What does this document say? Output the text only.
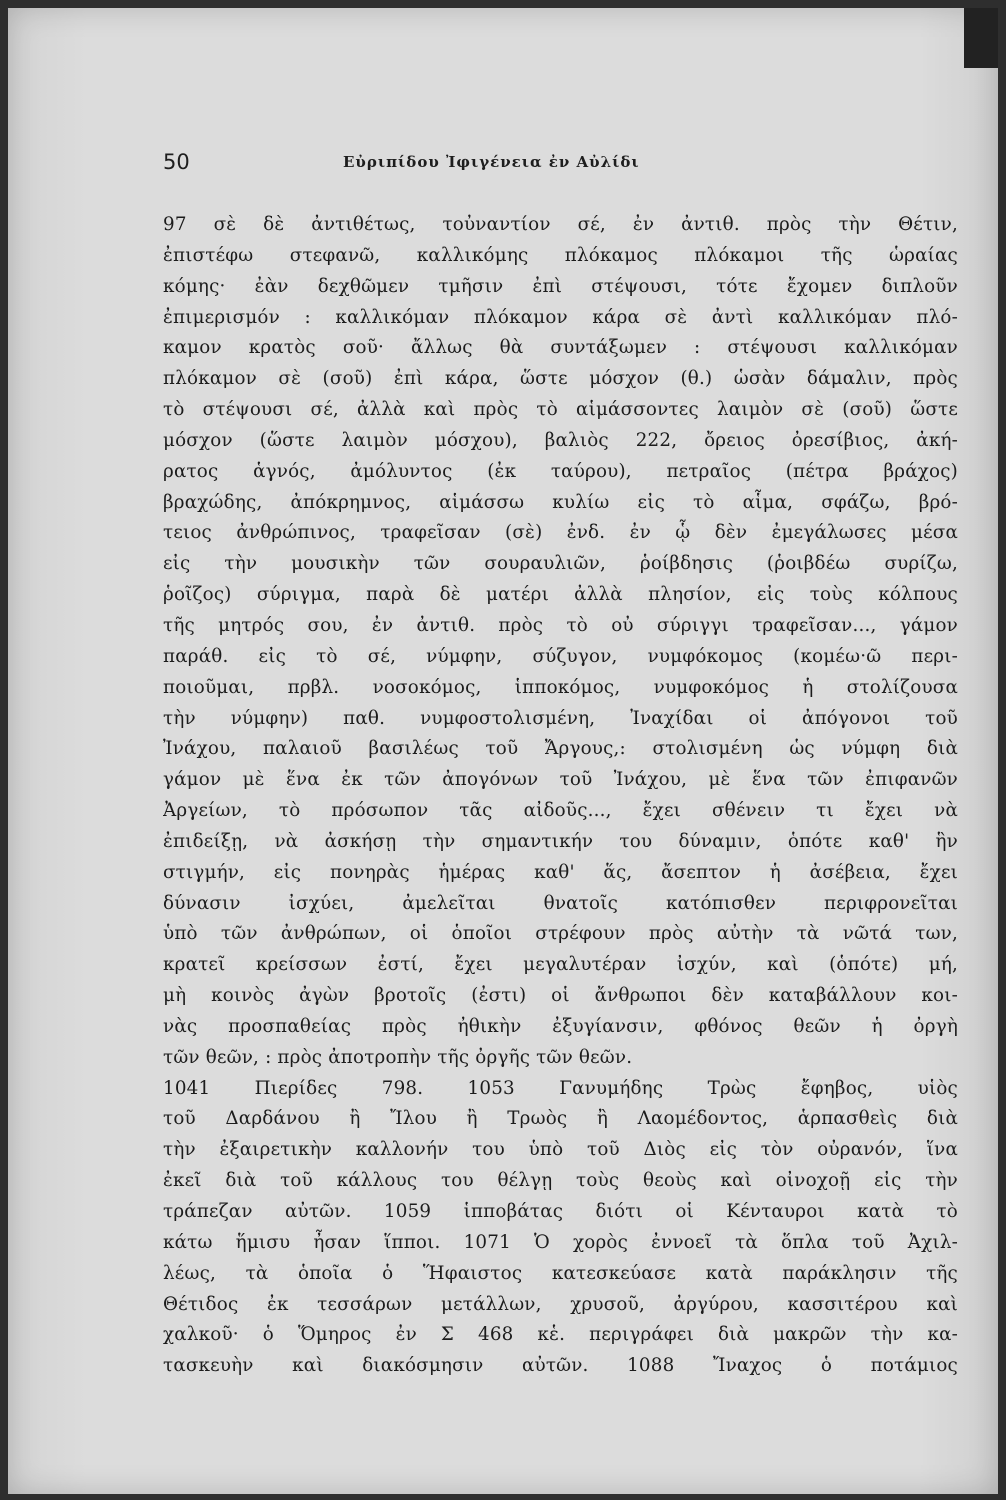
50	Εὐριπίδου Ἰφιγένεια ἐν Αὐλίδι
97 σὲ δὲ ἀντιθέτως, τοὐναντίον σέ, ἐν ἀντιθ. πρὸς τὴν Θέτιν,
ἐπιστέφω στεφανῶ, καλλικόμης πλόκαμος πλόκαμοι τῆς ὡραίας
κόμης· ἐὰν δεχθῶμεν τμῆσιν ἐπὶ στέψουσι, τότε ἔχομεν διπλοῦν
ἐπιμερισμόν : καλλικόμαν πλόκαμον κάρα σὲ ἀντὶ καλλικόμαν πλό-
καμον κρατὸς σοῦ· ἄλλως θὰ συντάξωμεν : στέψουσι καλλικόμαν
πλόκαμον σὲ (σοῦ) ἐπὶ κάρα, ὥστε μόσχον (θ.) ὡσὰν δάμαλιν, πρὸς
τὸ στέψουσι σέ, ἀλλὰ καὶ πρὸς τὸ αἱμάσσοντες λαιμὸν σὲ (σοῦ) ὥστε
μόσχον (ὥστε λαιμὸν μόσχου), βαλιὸς 222, ὄρειος ὀρεσίβιος, ἀκή-
ρατος ἁγνός, ἀμόλυντος (ἐκ ταύρου), πετραῖος (πέτρα βράχος)
βραχώδης, ἀπόκρημνος, αἱμάσσω κυλίω εἰς τὸ αἷμα, σφάζω, βρό-
τειος ἀνθρώπινος, τραφεῖσαν (σὲ) ἐνδ. ἐν ᾧ δὲν ἐμεγάλωσες μέσα
εἰς τὴν μουσικὴν τῶν σουραυλιῶν, ῥοίβδησις (ῥοιβδέω συρίζω,
ῥοῖζος) σύριγμα, παρὰ δὲ ματέρι ἀλλὰ πλησίον, εἰς τοὺς κόλπους
τῆς μητρός σου, ἐν ἀντιθ. πρὸς τὸ οὐ σύριγγι τραφεῖσαν..., γάμον
παράθ. εἰς τὸ σέ, νύμφην, σύζυγον, νυμφόκομος (κομέω·ῶ περι-
ποιοῦμαι, πρβλ. νοσοκόμος, ἱπποκόμος, νυμφοκόμος ἡ στολίζουσα
τὴν νύμφην) παθ. νυμφοστολισμένη, Ἰναχίδαι οἱ ἀπόγονοι τοῦ
Ἰνάχου, παλαιοῦ βασιλέως τοῦ Ἄργους,: στολισμένη ὡς νύμφη διὰ
γάμον μὲ ἕνα ἐκ τῶν ἀπογόνων τοῦ Ἰνάχου, μὲ ἕνα τῶν ἐπιφανῶν
Ἀργείων, τὸ πρόσωπον τᾶς αἰδοῦς..., ἔχει σθένειν τι ἔχει νὰ
ἐπιδείξῃ, νὰ ἀσκήσῃ τὴν σημαντικήν του δύναμιν, ὁπότε καθ' ἣν
στιγμήν, εἰς πονηρὰς ἡμέρας καθ' ἅς, ἄσεπτον ἡ ἀσέβεια, ἔχει
δύνασιν ἰσχύει, ἀμελεῖται θνατοῖς κατόπισθεν περιφρονεῖται
ὑπὸ τῶν ἀνθρώπων, οἱ ὁποῖοι στρέφουν πρὸς αὐτὴν τὰ νῶτά των,
κρατεῖ κρείσσων ἐστί, ἔχει μεγαλυτέραν ἰσχύν, καὶ (ὁπότε) μή,
μὴ κοινὸς ἀγὼν βροτοῖς (ἐστι) οἱ ἄνθρωποι δὲν καταβάλλουν κοι-
νὰς προσπαθείας πρὸς ἠθικὴν ἐξυγίανσιν, φθόνος θεῶν ἡ ὀργὴ
τῶν θεῶν, : πρὸς ἀποτροπὴν τῆς ὀργῆς τῶν θεῶν.
1041 Πιερίδες 798. 1053 Γανυμήδης Τρὼς ἔφηβος, υἱὸς
τοῦ Δαρδάνου ἢ Ἴλου ἢ Τρωὸς ἢ Λαομέδοντος, ἁρπασθεὶς διὰ
τὴν ἐξαιρετικὴν καλλονήν του ὑπὸ τοῦ Διὸς εἰς τὸν οὐρανόν, ἵνα
ἐκεῖ διὰ τοῦ κάλλους του θέλγῃ τοὺς θεοὺς καὶ οἰνοχοῇ εἰς τὴν
τράπεζαν αὐτῶν. 1059 ἱπποβάτας διότι οἱ Κένταυροι κατὰ τὸ
κάτω ἥμισυ ἦσαν ἵπποι. 1071 Ὁ χορὸς ἐννοεῖ τὰ ὅπλα τοῦ Ἀχιλ-
λέως, τὰ ὁποῖα ὁ Ἥφαιστος κατεσκεύασε κατὰ παράκλησιν τῆς
Θέτιδος ἐκ τεσσάρων μετάλλων, χρυσοῦ, ἀργύρου, κασσιτέρου καὶ
χαλκοῦ· ὁ Ὅμηρος ἐν Σ 468 κἑ. περιγράφει διὰ μακρῶν τὴν κα-
τασκευὴν καὶ διακόσμησιν αὐτῶν. 1088 Ἴναχος ὁ ποτάμιος
